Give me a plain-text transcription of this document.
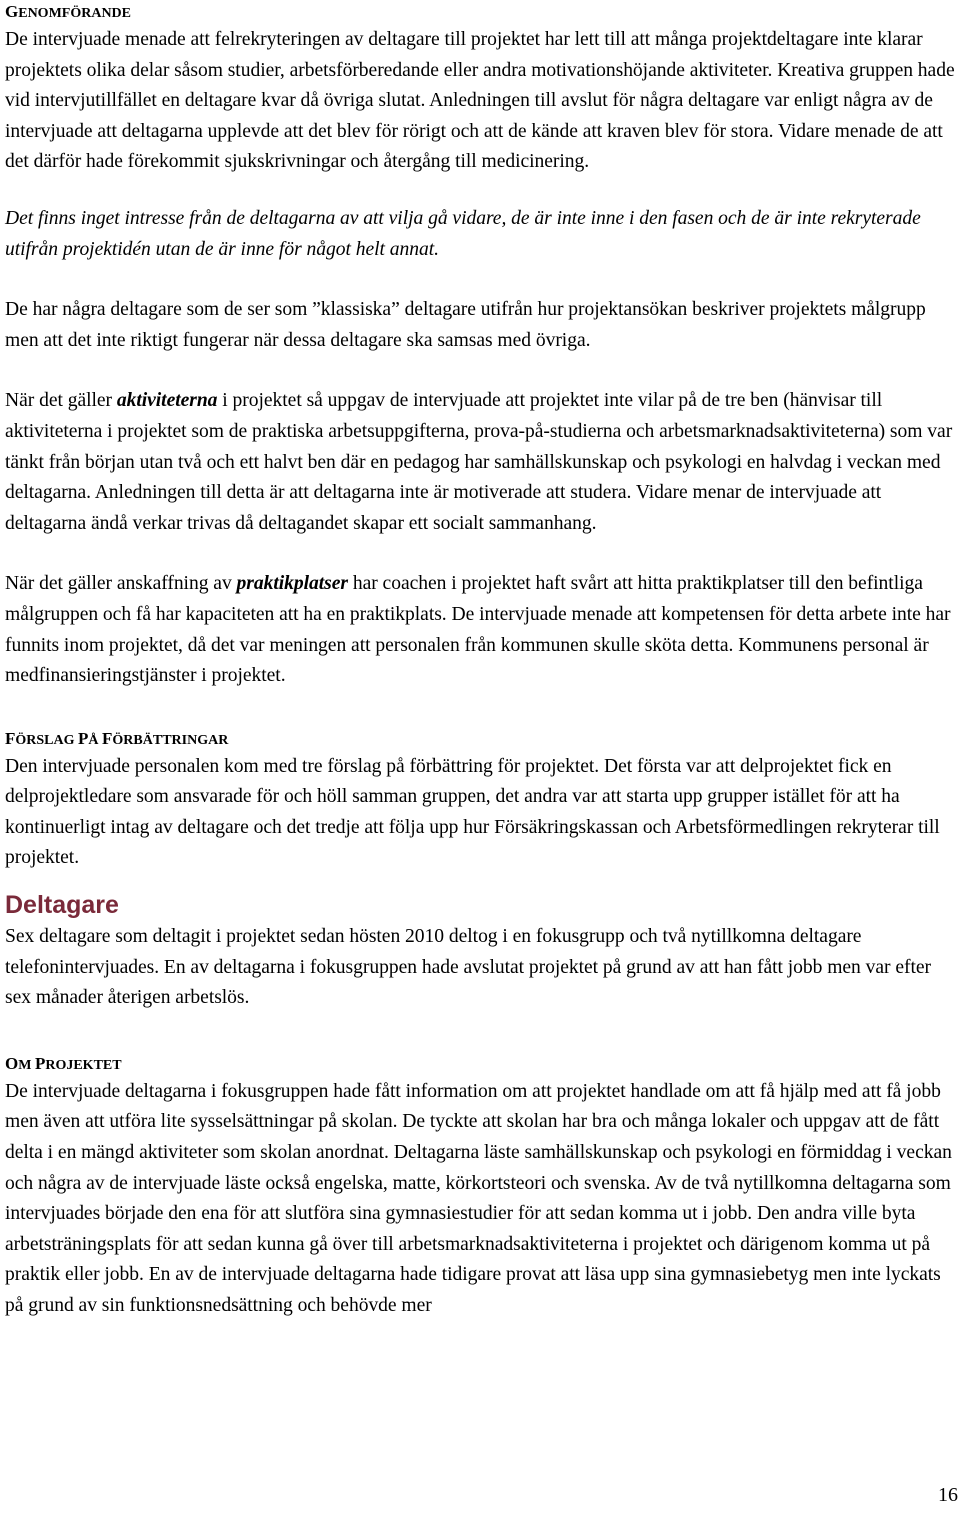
GENOMFÖRANDE

De intervjuade menade att felrekryteringen av deltagare till projektet har lett till att många projektdeltagare inte klarar projektets olika delar såsom studier, arbetsförberedande eller andra motivationshöjande aktiviteter. Kreativa gruppen hade vid intervjutillfället en deltagare kvar då övriga slutat. Anledningen till avslut för några deltagare var enligt några av de intervjuade att deltagarna upplevde att det blev för rörigt och att de kände att kraven blev för stora. Vidare menade de att det därför hade förekommit sjukskrivningar och återgång till medicinering.

Det finns inget intresse från de deltagarna av att vilja gå vidare, de är inte inne i den fasen och de är inte rekryterade utifrån projektidén utan de är inne för något helt annat.

De har några deltagare som de ser som ”klassiska” deltagare utifrån hur projektansökan beskriver projektets målgrupp men att det inte riktigt fungerar när dessa deltagare ska samsas med övriga.

När det gäller aktiviteterna i projektet så uppgav de intervjuade att projektet inte vilar på de tre ben (hänvisar till aktiviteterna i projektet som de praktiska arbetsuppgifterna, prova-på-studierna och arbetsmarknadsaktiviteterna) som var tänkt från början utan två och ett halvt ben där en pedagog har samhällskunskap och psykologi en halvdag i veckan med deltagarna. Anledningen till detta är att deltagarna inte är motiverade att studera. Vidare menar de intervjuade att deltagarna ändå verkar trivas då deltagandet skapar ett socialt sammanhang.

När det gäller anskaffning av praktikplatser har coachen i projektet haft svårt att hitta praktikplatser till den befintliga målgruppen och få har kapaciteten att ha en praktikplats. De intervjuade menade att kompetensen för detta arbete inte har funnits inom projektet, då det var meningen att personalen från kommunen skulle sköta detta. Kommunens personal är medfinansieringstjänster i projektet.

FÖRSLAG PÅ FÖRBÄTTRINGAR

Den intervjuade personalen kom med tre förslag på förbättring för projektet. Det första var att delprojektet fick en delprojektledare som ansvarade för och höll samman gruppen, det andra var att starta upp grupper istället för att ha kontinuerligt intag av deltagare och det tredje att följa upp hur Försäkringskassan och Arbetsförmedlingen rekryterar till projektet.

Deltagare

Sex deltagare som deltagit i projektet sedan hösten 2010 deltog i en fokusgrupp och två nytillkomna deltagare telefonintervjuades. En av deltagarna i fokusgruppen hade avslutat projektet på grund av att han fått jobb men var efter sex månader återigen arbetslös.

OM PROJEKTET

De intervjuade deltagarna i fokusgruppen hade fått information om att projektet handlade om att få hjälp med att få jobb men även att utföra lite sysselsättningar på skolan. De tyckte att skolan har bra och många lokaler och uppgav att de fått delta i en mängd aktiviteter som skolan anordnat. Deltagarna läste samhällskunskap och psykologi en förmiddag i veckan och några av de intervjuade läste också engelska, matte, körkortsteori och svenska. Av de två nytillkomna deltagarna som intervjuades började den ena för att slutföra sina gymnasiestudier för att sedan komma ut i jobb. Den andra ville byta arbetsträningsplats för att sedan kunna gå över till arbetsmarknadsaktiviteterna i projektet och därigenom komma ut på praktik eller jobb. En av de intervjuade deltagarna hade tidigare provat att läsa upp sina gymnasiebetyg men inte lyckats på grund av sin funktionsnedsättning och behövde mer

16
